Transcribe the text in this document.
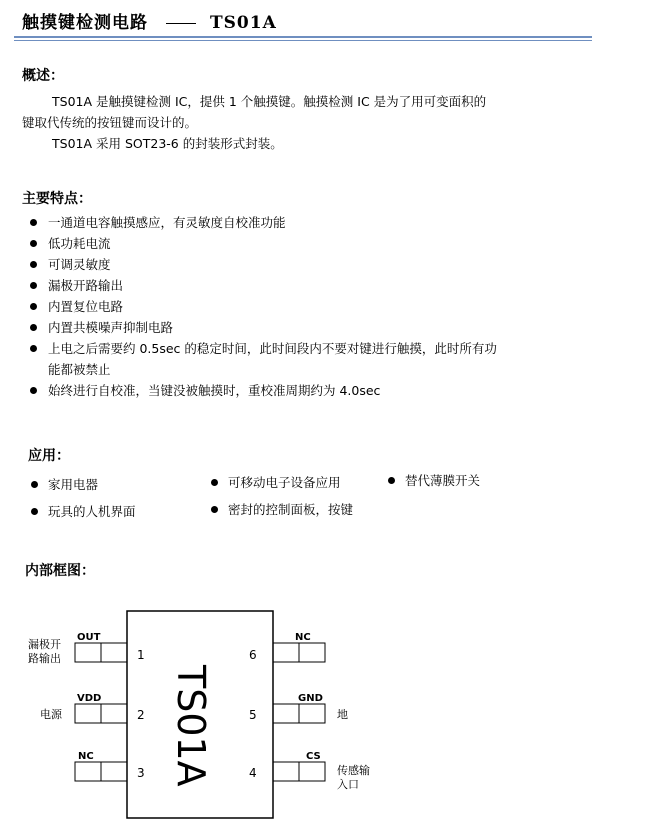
触摸键检测电路	TS01A
概述：
TS01A 是触摸键检测 IC，提供 1 个触摸键。触摸检测 IC 是为了用可变面积的
键取代传统的按钮键而设计的。
TS01A 采用 SOT23-6 的封装形式封装。
主要特点：
一通道电容触摸感应，有灵敏度自校准功能
低功耗电流
可调灵敏度
漏极开路输出
内置复位电路
内置共模噪声抑制电路
上电之后需要约 0.5sec 的稳定时间，此时间段内不要对键进行触摸，此时所有功
能都被禁止
始终进行自校准，当键没被触摸时，重校准周期约为 4.0sec
应用：
家用电器	可移动电子设备应用	替代薄膜开关
玩具的人机界面	密封的控制面板，按键
内部框图：
TS01A
OUT
1
漏极开
路输出
VDD
2
电源
NC
3
NC
6
GND
5	地
CS
4	传感输
入口
